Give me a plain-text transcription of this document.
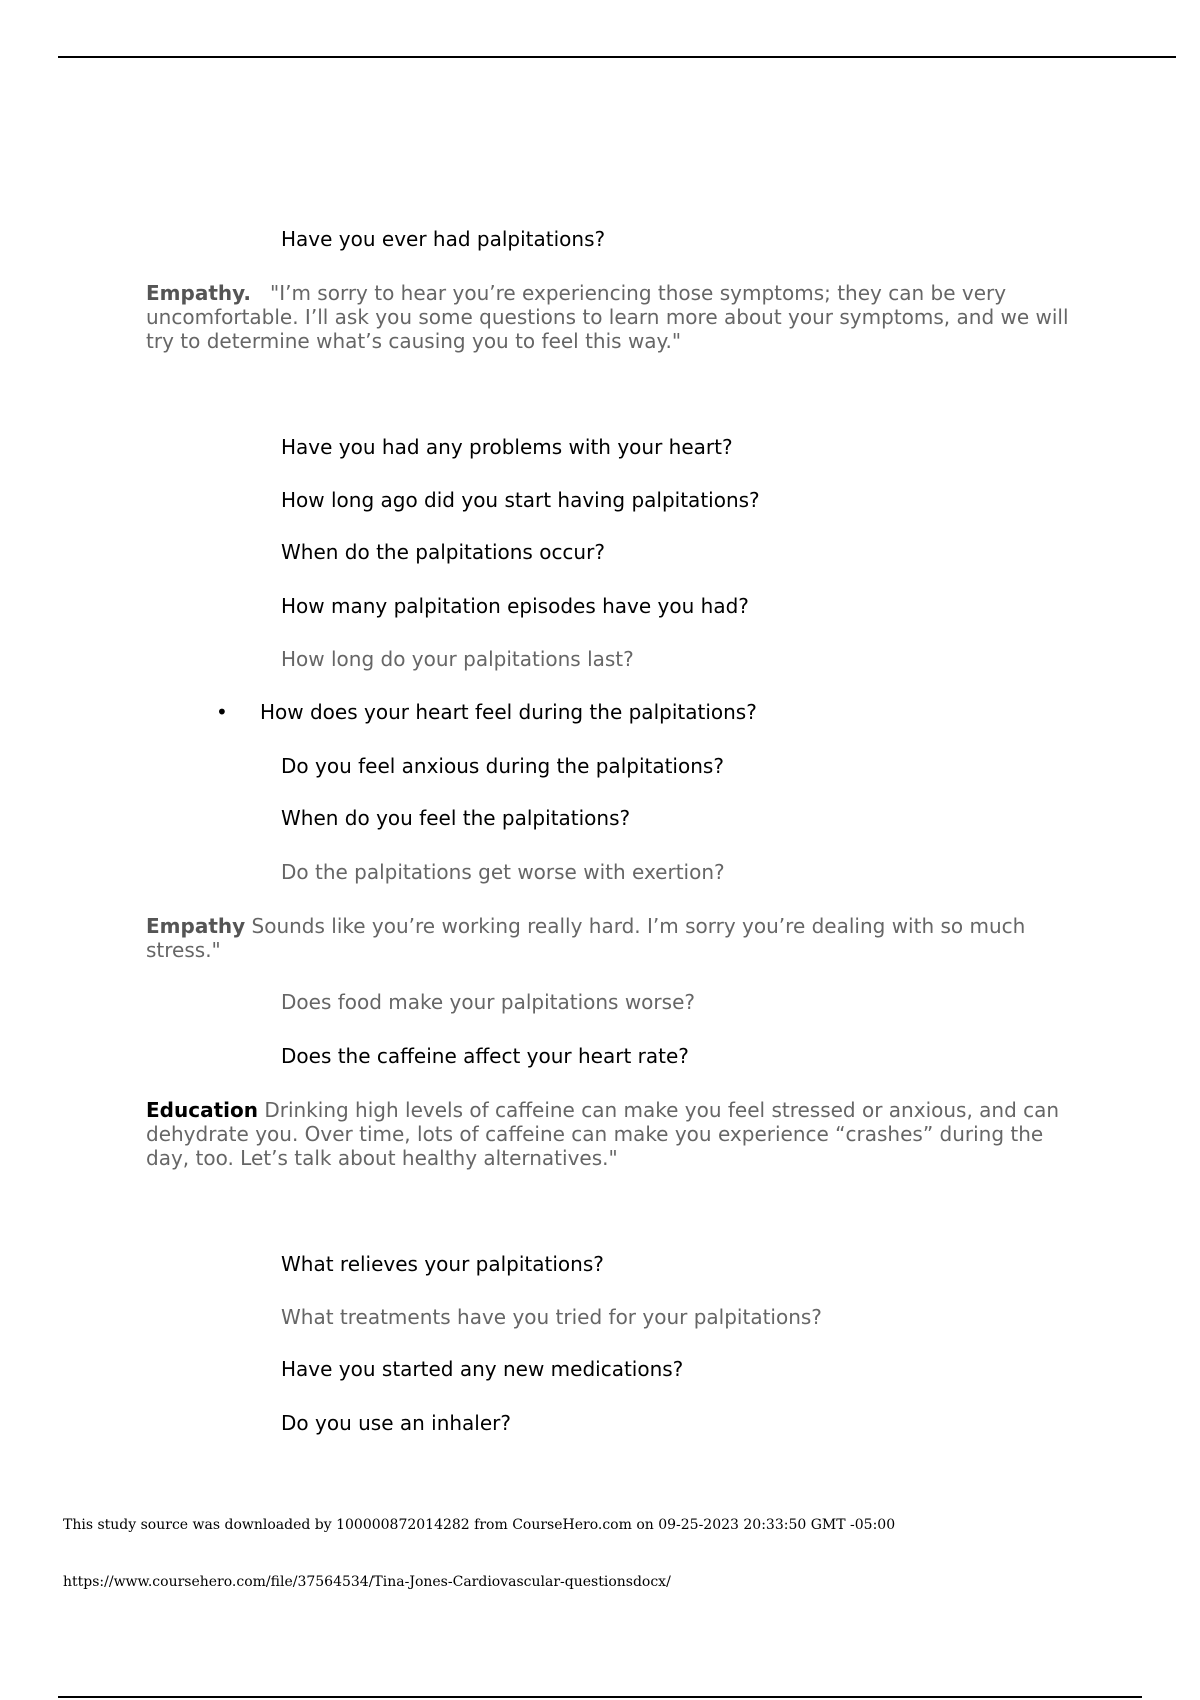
Have you ever had palpitations?
Empathy. "I’m sorry to hear you’re experiencing those symptoms; they can be very uncomfortable. I’ll ask you some questions to learn more about your symptoms, and we will try to determine what’s causing you to feel this way."
Have you had any problems with your heart?
How long ago did you start having palpitations?
When do the palpitations occur?
How many palpitation episodes have you had?
How long do your palpitations last?
• How does your heart feel during the palpitations?
Do you feel anxious during the palpitations?
When do you feel the palpitations?
Do the palpitations get worse with exertion?
Empathy Sounds like you’re working really hard. I’m sorry you’re dealing with so much stress."
Does food make your palpitations worse?
Does the caffeine affect your heart rate?
Education Drinking high levels of caffeine can make you feel stressed or anxious, and can dehydrate you. Over time, lots of caffeine can make you experience “crashes” during the day, too. Let’s talk about healthy alternatives."
What relieves your palpitations?
What treatments have you tried for your palpitations?
Have you started any new medications?
Do you use an inhaler?
This study source was downloaded by 100000872014282 from CourseHero.com on 09-25-2023 20:33:50 GMT -05:00
https://www.coursehero.com/file/37564534/Tina-Jones-Cardiovascular-questionsdocx/
